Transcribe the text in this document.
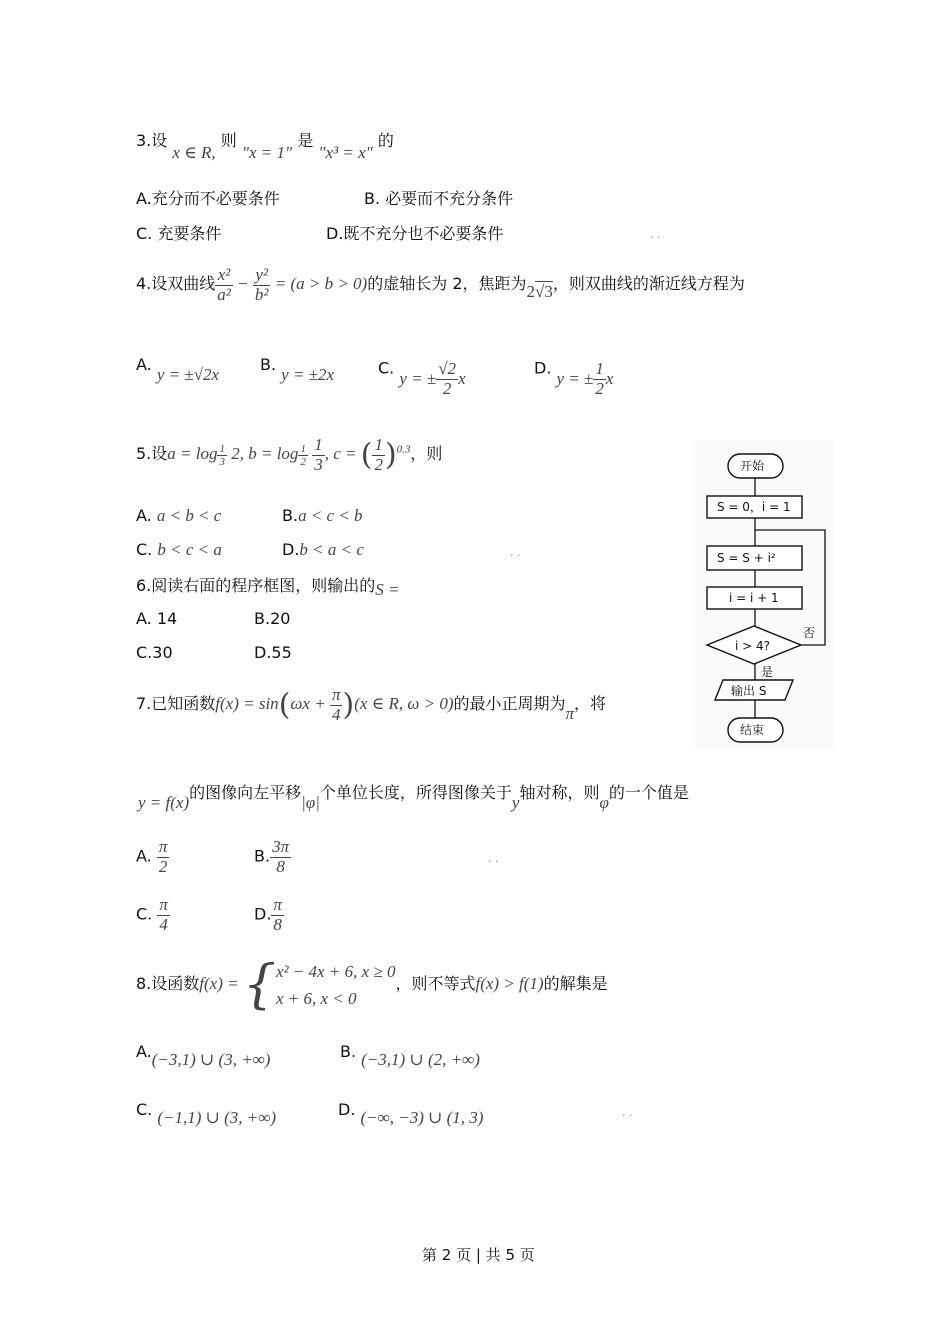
3.设 x ∈ R, 则 "x = 1" 是 "x³ = x" 的
A.充分而不必要条件	B. 必要而不充分条件
C. 充要条件	D.既不充分也不必要条件	. .
4.设双曲线 $\frac{\text{x²}}{\text{a²}} - \frac{\text{y²}}{\text{b²}} = (a > b > 0)$的虚轴长为 2，焦距为2√3，则双曲线的渐近线方程为
A. y = ±√2x
B. y = ±2x	C. y = ± $\frac{√2}{2}$ x
D. y = ± $\frac{1}{2}$ x
5.设$a = \log \frac{1}{3} 2$, $b = \log \frac{1}{2}$
$\frac{1}{3}$ , c = ( $\frac{1}{2} )^{0.3}$，则
A. a < b < c	B.a < c < b
C. b < c < a	D.b < a < c	. .
6.阅读右面的程序框图，则输出的S =
A. 14	B.20
C.30	D.55
开始
S = 0，i = 1
S = S + i²
i = i + 1
i > 4?
否
是
输出 S
结束
7.已知函数$f(x) = \sin(\omega x + \frac{\pi}{4} )(x$ ∈ R, ω > 0)的最小正周期为π，将
y = f(x)的图像向左平移|φ|个单位长度，所得图像关于y轴对称，则φ的一个值是
A. $\frac{\pi}{2}$	B. $\frac{3\pi}{8}$	. .
C. $\frac{\pi}{4}$	D. $\frac{\pi}{8}$
8.设函数f(x) = { x² − 4x + 6, x ≥ 0
x + 6, x < 0
，则不等式f(x) > f(1)的解集是
A.(−3,1) ∪ (3, +∞)	B. (−3,1) ∪ (2, +∞)
C. (−1,1) ∪ (3, +∞)	D. (−∞, −3) ∪ (1, 3)	. .
第 2 页 | 共 5 页
